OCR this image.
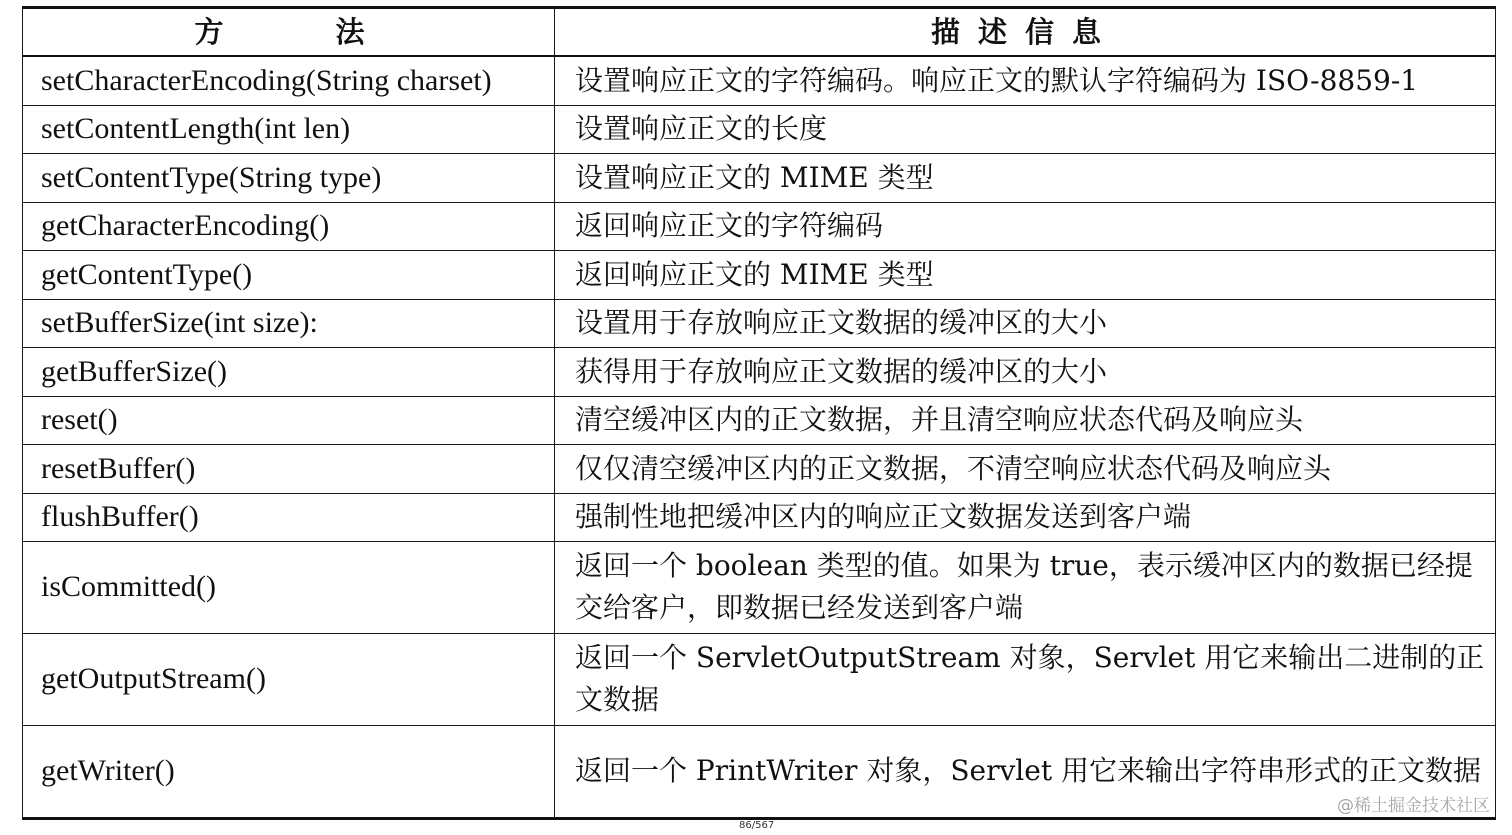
方　　法	描述信息
setCharacterEncoding(String charset)	设置响应正文的字符编码。响应正文的默认字符编码为 ISO-8859-1
setContentLength(int len)	设置响应正文的长度
setContentType(String type)	设置响应正文的 MIME 类型
getCharacterEncoding()	返回响应正文的字符编码
getContentType()	返回响应正文的 MIME 类型
setBufferSize(int size):	设置用于存放响应正文数据的缓冲区的大小
getBufferSize()	获得用于存放响应正文数据的缓冲区的大小
reset()	清空缓冲区内的正文数据，并且清空响应状态代码及响应头
resetBuffer()	仅仅清空缓冲区内的正文数据，不清空响应状态代码及响应头
flushBuffer()	强制性地把缓冲区内的响应正文数据发送到客户端
isCommitted()	返回一个 boolean 类型的值。如果为 true，表示缓冲区内的数据已经提交给客户，即数据已经发送到客户端
getOutputStream()	返回一个 ServletOutputStream 对象，Servlet 用它来输出二进制的正文数据
getWriter()	返回一个 PrintWriter 对象，Servlet 用它来输出字符串形式的正文数据
86/567
@稀土掘金技术社区
